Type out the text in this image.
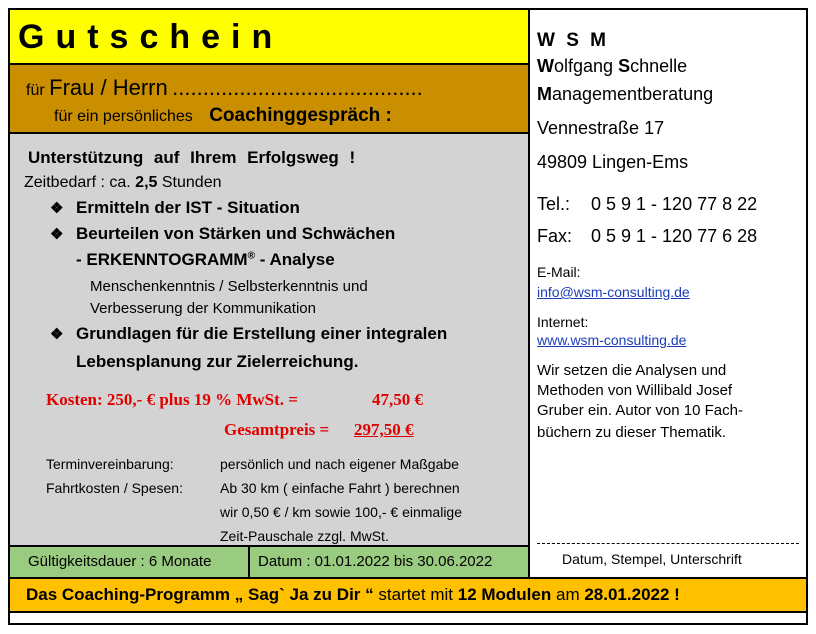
Gutschein
für Frau / Herrn .........................................
für ein persönliches Coachinggespräch :
Unterstützung auf Ihrem Erfolgsweg !
Zeitbedarf : ca. 2,5 Stunden
❖ Ermitteln der IST - Situation
❖ Beurteilen von Stärken und Schwächen
- ERKENNTOGRAMM® - Analyse
Menschenkenntnis / Selbsterkenntnis und
Verbesserung der Kommunikation
❖ Grundlagen für die Erstellung einer integralen
Lebensplanung zur Zielerreichung.
Kosten: 250,- € plus 19 % MwSt. =	47,50 €
Gesamtpreis = 297,50 €
Terminvereinbarung:	persönlich und nach eigener Maßgabe
Fahrtkosten / Spesen:	Ab 30 km ( einfache Fahrt ) berechnen
wir 0,50 € / km sowie 100,- € einmalige
Zeit-Pauschale zzgl. MwSt.
Gültigkeitsdauer : 6 Monate	Datum : 01.01.2022 bis 30.06.2022
W S M
Wolfgang Schnelle
Managementberatung
Vennestraße 17
49809 Lingen-Ems
Tel.: 0 5 9 1 - 120 77 8 22
Fax: 0 5 9 1 - 120 77 6 28
E-Mail:
info@wsm-consulting.de
Internet:
www.wsm-consulting.de
Wir setzen die Analysen und
Methoden von Willibald Josef
Gruber ein. Autor von 10 Fach-
büchern zu dieser Thematik.
Datum, Stempel, Unterschrift
Das Coaching-Programm „ Sag` Ja zu Dir “ startet mit 12 Modulen am 28.01.2022 !
